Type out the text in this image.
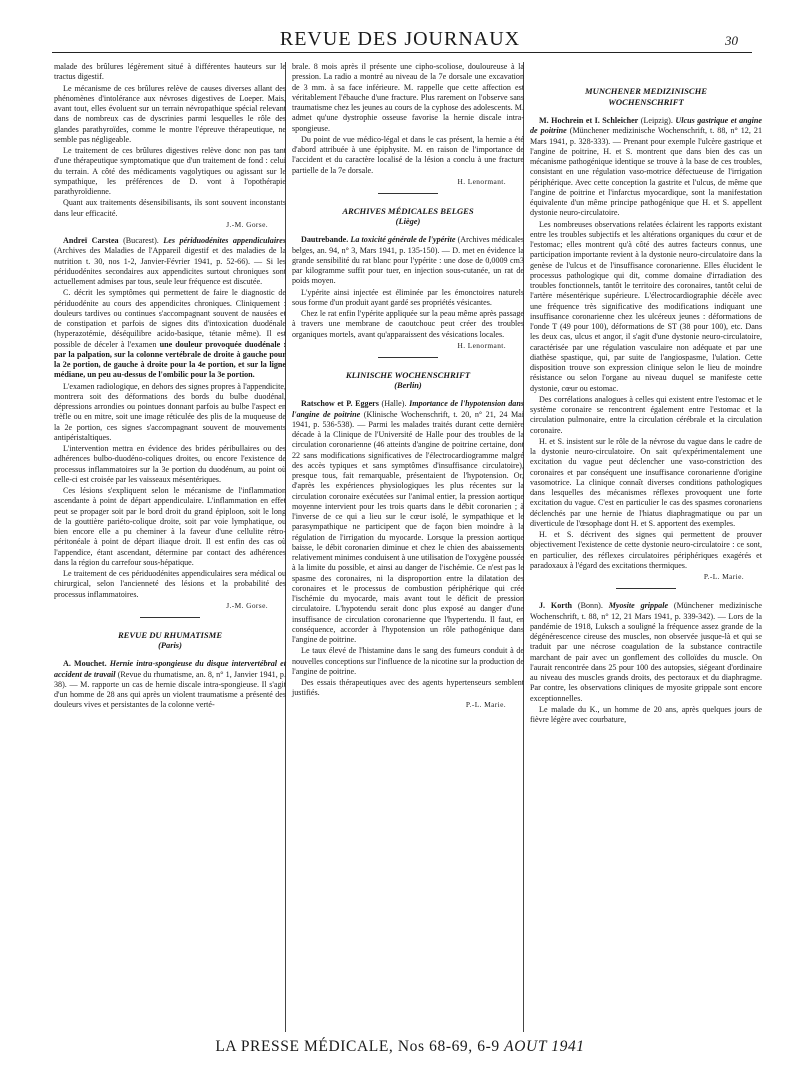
REVUE DES JOURNAUX	30

malade des brûlures légèrement situé à différentes hauteurs sur le tractus digestif.

Le mécanisme de ces brûlures relève de causes diverses allant des phénomènes d'intolérance aux névroses digestives de Loeper. Mais, avant tout, elles évoluent sur un terrain névropathique spécial relevant dans de nombreux cas de dyscrinies parmi lesquelles le rôle des glandes parathyroïdes, comme le montre l'épreuve thérapeutique, ne semble pas négligeable.

Le traitement de ces brûlures digestives relève donc non pas tant d'une thérapeutique symptomatique que d'un traitement de fond : celui du terrain. A côté des médicaments vagolytiques ou agissant sur le sympathique, les préférences de D. vont à l'opothérapie parathyroïdienne.

Quant aux traitements désensibilisants, ils sont souvent inconstants dans leur efficacité.

J.-M. Gorse.

Andreï Carstea (Bucarest). Les périduodénites appendiculaires (Archives des Maladies de l'Appareil digestif et des maladies de la nutrition t. 30, nos 1-2, Janvier-Février 1941, p. 52-66). — Si les périduodénites secondaires aux appendicites surtout chroniques sont actuellement admises par tous, seule leur fréquence est discutée.

C. décrit les symptômes qui permettent de faire le diagnostic de périduodénite au cours des appendicites chroniques. Cliniquement : douleurs tardives ou continues s'accompagnant souvent de nausées et de constipation et parfois de signes dits d'intoxication duodénale (hyperazotémie, déséquilibre acido-basique, tétanie même). Il est possible de déceler à l'examen une douleur provoquée duodénale : par la palpation, sur la colonne vertébrale de droite à gauche pour la 2e portion, de gauche à droite pour la 4e portion, et sur la ligne médiane, un peu au-dessus de l'ombilic pour la 3e portion.

L'examen radiologique, en dehors des signes propres à l'appendicite, montrera soit des déformations des bords du bulbe duodénal, dépressions arrondies ou pointues donnant parfois au bulbe l'aspect en trèfle ou en mitre, soit une image réticulée des plis de la muqueuse de la 2e portion, ces signes s'accompagnant souvent de mouvements antipéristaltiques.

L'intervention mettra en évidence des brides péribullaires ou des adhérences bulbo-duodéno-coliques droites, ou encore l'existence de processus inflammatoires sur la 3e portion du duodénum, au point où celle-ci est croisée par les vaisseaux mésentériques.

Ces lésions s'expliquent selon le mécanisme de l'inflammation ascendante à point de départ appendiculaire. L'inflammation en effet peut se propager soit par le bord droit du grand épiploon, soit le long de la gouttière pariéto-colique droite, soit par voie lymphatique, ou bien encore elle a pu cheminer à la faveur d'une cellulite rétro-péritonéale à point de départ iliaque droit. Il est enfin des cas où l'appendice, étant ascendant, détermine par contact des adhérences dans la région du carrefour sous-hépatique.

Le traitement de ces périduodénites appendiculaires sera médical ou chirurgical, selon l'ancienneté des lésions et la probabilité des processus inflammatoires.

J.-M. Gorse.
REVUE DU RHUMATISME
(Paris)

A. Mouchet. Hernie intra-spongieuse du disque intervertébral et accident de travail (Revue du rhumatisme, an. 8, n° 1, Janvier 1941, p. 38). — M. rapporte un cas de hernie discale intra-spongieuse. Il s'agit d'un homme de 28 ans qui après un violent traumatisme a présenté des douleurs vives et persistantes de la colonne verté-

brale. 8 mois après il présente une cipho-scoliose, douloureuse à la pression. La radio a montré au niveau de la 7e dorsale une excavation de 3 mm. à sa face inférieure. M. rappelle que cette affection est véritablement l'ébauche d'une fracture. Plus rarement on l'observe sans traumatisme chez les jeunes au cours de la cyphose des adolescents. M. admet qu'une dystrophie osseuse favorise la hernie discale intra-spongieuse.

Du point de vue médico-légal et dans le cas présent, la hernie a été d'abord attribuée à une épiphysite. M. en raison de l'importance de l'accident et du caractère localisé de la lésion a conclu à une fracture partielle de la 7e dorsale.

H. Lenormant.
ARCHIVES MÉDICALES BELGES
(Liège)

Dautrebande. La toxicité générale de l'ypérite (Archives médicales belges, an. 94, n° 3, Mars 1941, p. 135-150). — D. met en évidence la grande sensibilité du rat blanc pour l'ypérite : une dose de 0,0009 cm3 par kilogramme suffit pour tuer, en injection sous-cutanée, un rat de poids moyen.

L'ypérite ainsi injectée est éliminée par les émonctoires naturels sous forme d'un produit ayant gardé ses propriétés vésicantes.

Chez le rat enfin l'ypérite appliquée sur la peau même après passage à travers une membrane de caoutchouc peut créer des troubles organiques mortels, avant qu'apparaissent des vésications locales.

H. Lenormant.
KLINISCHE WOCHENSCHRIFT
(Berlin)

Ratschow et P. Eggers (Halle). Importance de l'hypotension dans l'angine de poitrine (Klinische Wochenschrift, t. 20, n° 21, 24 Mai 1941, p. 536-538). — Parmi les malades traités durant cette dernière décade à la Clinique de l'Université de Halle pour des troubles de la circulation coronarienne (46 atteints d'angine de poitrine certaine, dont 22 sans modifications significatives de l'électrocardiogramme malgré des accès typiques et sans symptômes d'insuffisance circulatoire), presque tous, fait remarquable, présentaient de l'hypotension. Or, d'après les expériences physiologiques les plus récentes sur la circulation coronaire exécutées sur l'animal entier, la pression aortique moyenne intervient pour les trois quarts dans le débit coronarien ; à l'inverse de ce qui a lieu sur le cœur isolé, le sympathique et le parasympathique ne participent que de façon bien moindre à la régulation de l'irrigation du myocarde. Lorsque la pression aortique baisse, le débit coronarien diminue et chez le chien des abaissements relativement minimes conduisent à une utilisation de l'oxygène poussée à la limite du possible, et ainsi au danger de l'ischémie. Ce n'est pas le spasme des coronaires, ni la disproportion entre la dilatation des coronaires et le processus de combustion périphérique qui crée l'ischémie du myocarde, mais avant tout le déficit de pression circulatoire. L'hypotendu serait donc plus exposé au danger d'une insuffisance de circulation coronarienne que l'hypertendu. Il faut, en conséquence, accorder à l'hypotension un rôle pathogénique dans l'angine de poitrine.

Le taux élevé de l'histamine dans le sang des fumeurs conduit à de nouvelles conceptions sur l'influence de la nicotine sur la production de l'angine de poitrine.

Des essais thérapeutiques avec des agents hypertenseurs semblent justifiés.

P.-L. Marie.
MUNCHENER MEDIZINISCHE WOCHENSCHRIFT

M. Hochrein et I. Schleicher (Leipzig). Ulcus gastrique et angine de poitrine (Münchener medizinische Wochenschrift, t. 88, n° 12, 21 Mars 1941, p. 328-333). — Prenant pour exemple l'ulcère gastrique et l'angine de poitrine, H. et S. montrent que dans bien des cas un mécanisme pathogénique identique se trouve à la base de ces troubles, consistant en une régulation vaso-motrice défectueuse de l'irrigation périphérique. Avec cette conception la gastrite et l'ulcus, de même que l'angine de poitrine et l'infarctus myocardique, sont la manifestation équivalente d'un même principe pathogénique que H. et S. appellent dystonie neuro-circulatoire.

Les nombreuses observations relatées éclairent les rapports existant entre les troubles subjectifs et les altérations organiques du cœur et de l'estomac; elles montrent qu'à côté des autres facteurs connus, une participation importante revient à la dystonie neuro-circulatoire dans la genèse de l'ulcus et de l'insuffisance coronarienne. Elles élucident le processus pathologique qui dit, comme domaine d'irradiation des troubles fonctionnels, tantôt le territoire des coronaires, tantôt celui de l'artère mésentérique supérieure. L'électrocardiographie décèle avec une fréquence très significative des modifications indiquant une insuffisance coronarienne chez les ulcéreux jeunes : déformations de l'onde T (49 pour 100), déformations de ST (38 pour 100), etc. Dans les deux cas, ulcus et angor, il s'agit d'une dystonie neuro-circulatoire, caractérisée par une régulation vasculaire non adéquate et par une diathèse spastique, qui, par suite de l'angiospasme, l'ulation. Cette disposition trouve son expression clinique selon le lieu de moindre résistance ou selon l'organe au niveau duquel se manifeste cette dystonie, cœur ou estomac.

Des corrélations analogues à celles qui existent entre l'estomac et le système coronaire se rencontrent également entre l'estomac et la circulation pulmonaire, entre la circulation cérébrale et la circulation coronaire.

H. et S. insistent sur le rôle de la névrose du vague dans le cadre de la dystonie neuro-circulatoire. On sait qu'expérimentalement une excitation du vague peut déclencher une vaso-constriction des coronaires et par conséquent une insuffisance coronarienne d'origine vasomotrice. La clinique connaît diverses conditions pathologiques dans lesquelles des mécanismes réflexes provoquent une forte excitation du vague. C'est en particulier le cas des spasmes coronariens déclenchés par une hernie de l'hiatus diaphragmatique ou par un diverticule de l'œsophage dont H. et S. apportent des exemples.

H. et S. décrivent des signes qui permettent de prouver objectivement l'existence de cette dystonie neuro-circulatoire : ce sont, en particulier, des réflexes circulatoires périphériques exagérés et paradoxaux à l'égard des excitations thermiques.

P.-L. Marie.

J. Korth (Bonn). Myosite grippale (Münchener medizinische Wochenschrift, t. 88, n° 12, 21 Mars 1941, p. 339-342). — Lors de la pandémie de 1918, Luksch a souligné la fréquence assez grande de la dégénérescence cireuse des muscles, non observée jusque-là et qui se traduit par une nécrose coagulation de la substance contractile marchant de pair avec un gonflement des colloïdes du muscle. On l'aurait rencontrée dans 25 pour 100 des autopsies, siégeant d'ordinaire au niveau des muscles grands droits, des pectoraux et du diaphragme. Par contre, les observations cliniques de myosite grippale sont encore exceptionnelles.

Le malade du K., un homme de 20 ans, après quelques jours de fièvre légère avec courbature,

LA PRESSE MÉDICALE, Nos 68-69, 6-9 AOUT 1941
